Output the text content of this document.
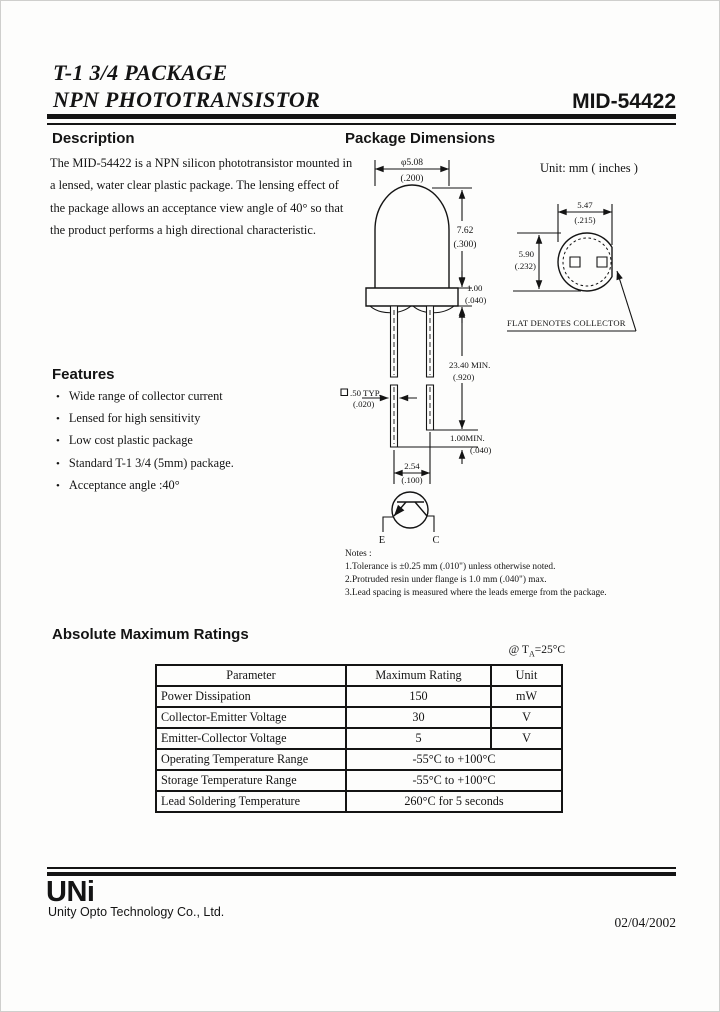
T-1 3/4 PACKAGE
NPN PHOTOTRANSISTOR	MID-54422
Description
The MID-54422 is a NPN silicon phototransistor mounted in a lensed, water clear plastic package. The lensing effect of the package allows an acceptance view angle of 40° so that the product performs a high directional characteristic.
Package Dimensions
Features
• Wide range of collector current
• Lensed for high sensitivity
• Low cost plastic package
• Standard T-1 3/4 (5mm) package.
• Acceptance angle :40°
Unit: mm ( inches )
φ5.08
(.200)
7.62
(.300)
1.00
(.040)
23.40 MIN.
(.920)
1.00MIN.
(.040)
.50 TYP.
(.020)
2.54
(.100)
5.47
(.215)
5.90
(.232)
FLAT DENOTES COLLECTOR
E	C
Notes :
1.Tolerance is ±0.25 mm (.010") unless otherwise noted.
2.Protruded resin under flange is 1.0 mm (.040") max.
3.Lead spacing is measured where the leads emerge from the package.
Absolute Maximum Ratings
@ $T_A=25^\circ C$
Parameter	Maximum Rating	Unit
Power Dissipation	150	mW
Collector-Emitter Voltage	30	V
Emitter-Collector Voltage	5	V
Operating Temperature Range	-55°C to +100°C	
Storage Temperature Range	-55°C to +100°C	
Lead Soldering Temperature	260°C for 5 seconds	
UNi
Unity Opto Technology Co., Ltd.
02/04/2002
